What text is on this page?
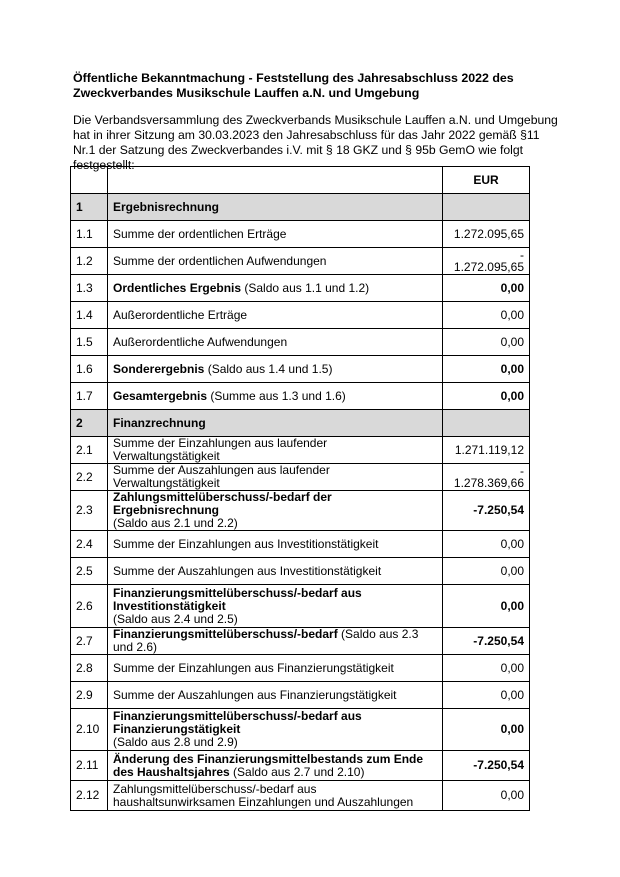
Öffentliche Bekanntmachung - Feststellung des Jahresabschluss 2022 des Zweckverbandes Musikschule Lauffen a.N. und Umgebung
Die Verbandsversammlung des Zweckverbands Musikschule Lauffen a.N. und Umgebung hat in ihrer Sitzung am 30.03.2023 den Jahresabschluss für das Jahr 2022 gemäß §11 Nr.1 der Satzung des Zweckverbandes i.V. mit § 18 GKZ und § 95b GemO wie folgt festgestellt:
		EUR
1	Ergebnisrechnung	
1.1	Summe der ordentlichen Erträge	1.272.095,65

1.2	Summe der ordentlichen Aufwendungen	-
1.272.095,65

1.3	Ordentliches Ergebnis (Saldo aus 1.1 und 1.2)	0,00

1.4	Außerordentliche Erträge	0,00

1.5	Außerordentliche Aufwendungen	0,00

1.6	Sonderergebnis (Saldo aus 1.4 und 1.5)	0,00

1.7	Gesamtergebnis (Summe aus 1.3 und 1.6)	0,00

2	Finanzrechnung	
2.1	Summe der Einzahlungen aus laufender Verwaltungstätigkeit	1.271.119,12

2.2	Summe der Auszahlungen aus laufender Verwaltungstätigkeit	-
1.278.369,66

2.3	Zahlungsmittelüberschuss/-bedarf der Ergebnisrechnung
(Saldo aus 2.1 und 2.2)	-7.250,54

2.4	Summe der Einzahlungen aus Investitionstätigkeit	0,00

2.5	Summe der Auszahlungen aus Investitionstätigkeit	0,00

2.6	Finanzierungsmittelüberschuss/-bedarf aus Investitionstätigkeit
(Saldo aus 2.4 und 2.5)	0,00

2.7	Finanzierungsmittelüberschuss/-bedarf (Saldo aus 2.3 und 2.6)	-7.250,54

2.8	Summe der Einzahlungen aus Finanzierungstätigkeit	0,00

2.9	Summe der Auszahlungen aus Finanzierungstätigkeit	0,00

2.10	Finanzierungsmittelüberschuss/-bedarf aus Finanzierungstätigkeit
(Saldo aus 2.8 und 2.9)	0,00

2.11	Änderung des Finanzierungsmittelbestands zum Ende des Haushaltsjahres (Saldo aus 2.7 und 2.10)	-7.250,54

2.12	Zahlungsmittelüberschuss/-bedarf aus haushaltsunwirksamen Einzahlungen und Auszahlungen	0,00
